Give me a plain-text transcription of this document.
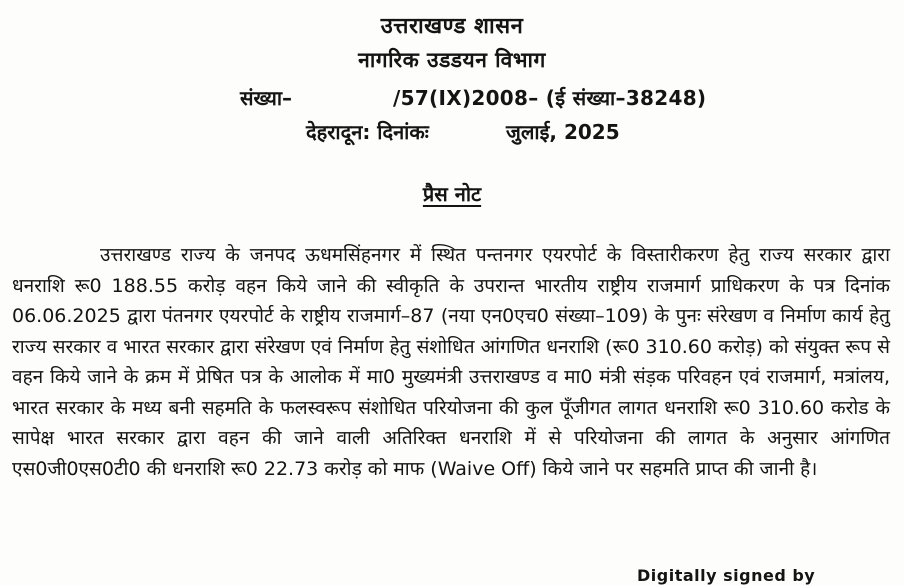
उत्तराखण्ड शासन
नागरिक उडडयन विभाग
संख्या–	/57(IX)2008– (ई संख्या–38248)
देहरादून: दिनांकः	जुलाई, 2025
प्रैस नोट

उत्तराखण्ड राज्य के जनपद ऊधमसिंहनगर में स्थित पन्तनगर एयरपोर्ट के विस्तारीकरण हेतु राज्य सरकार द्वारा धनराशि रू0 188.55 करोड़ वहन किये जाने की स्वीकृति के उपरान्त भारतीय राष्ट्रीय राजमार्ग प्राधिकरण के पत्र दिनांक 06.06.2025 द्वारा पंतनगर एयरपोर्ट के राष्ट्रीय राजमार्ग–87 (नया एन0एच0 संख्या–109) के पुनः संरेखण व निर्माण कार्य हेतु राज्य सरकार व भारत सरकार द्वारा संरेखण एवं निर्माण हेतु संशोधित आंगणित धनराशि (रू0 310.60 करोड़) को संयुक्त रूप से वहन किये जाने के क्रम में प्रेषित पत्र के आलोक में मा0 मुख्यमंत्री उत्तराखण्ड व मा0 मंत्री संड़क परिवहन एवं राजमार्ग, मत्रांलय, भारत सरकार के मध्य बनी सहमति के फलस्वरूप संशोधित परियोजना की कुल पूँजीगत लागत धनराशि रू0 310.60 करोड के सापेक्ष भारत सरकार द्वारा वहन की जाने वाली अतिरिक्त धनराशि में से परियोजना की लागत के अनुसार आंगणित एस0जी0एस0टी0 की धनराशि रू0 22.73 करोड़ को माफ (Waive Off) किये जाने पर सहमति प्राप्त की जानी है।

Digitally signed by
